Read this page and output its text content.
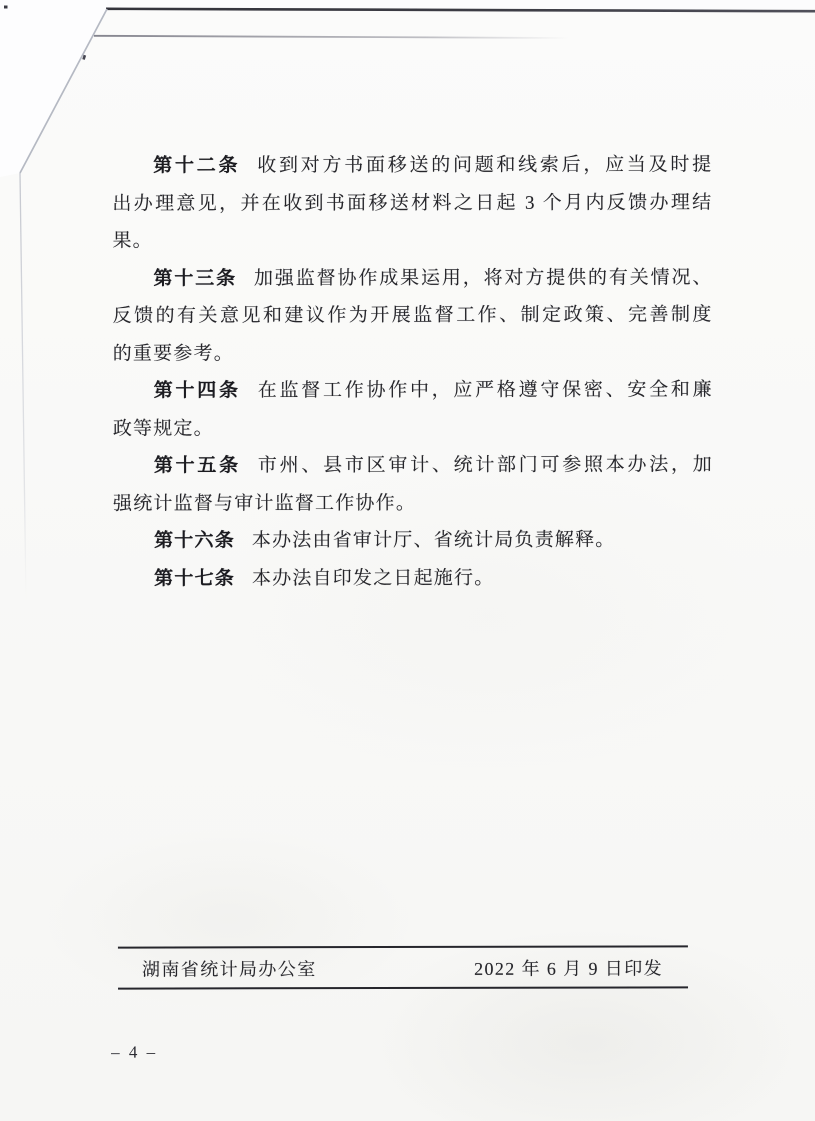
第十二条 收到对方书面移送的问题和线索后，应当及时提
出办理意见，并在收到书面移送材料之日起 3 个月内反馈办理结
果。
第十三条 加强监督协作成果运用，将对方提供的有关情况、
反馈的有关意见和建议作为开展监督工作、制定政策、完善制度
的重要参考。
第十四条 在监督工作协作中，应严格遵守保密、安全和廉
政等规定。
第十五条 市州、县市区审计、统计部门可参照本办法，加
强统计监督与审计监督工作协作。
第十六条 本办法由省审计厅、省统计局负责解释。
第十七条 本办法自印发之日起施行。
湖南省统计局办公室	2022 年 6 月 9 日印发
– 4 –
